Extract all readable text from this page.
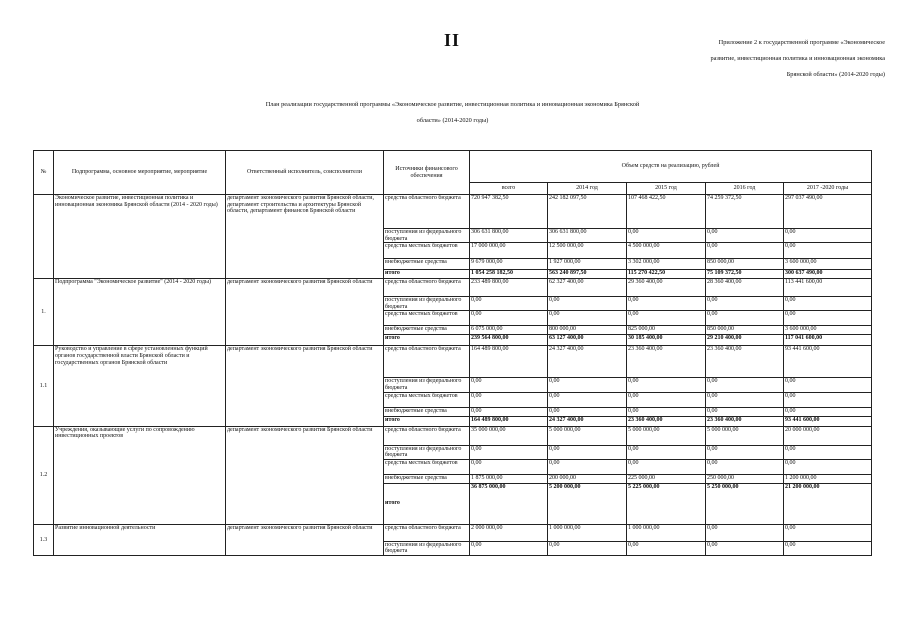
II	Приложение 2 к государственной программе «Экономическое
развитие, инвестиционная политика и инновационная экономика
Брянской области» (2014-2020 годы)
План реализации государственной программы «Экономическое развитие, инвестиционная политика и инновационная экономика Брянской
области» (2014-2020 годы)
№	Подпрограмма, основное мероприятие, мероприятие	Ответственный исполнитель, соисполнители	Источники финансового обеспечения	Объем средств на реализацию, рублей				
				всего	2014 год	2015 год	2016 год	2017 -2020 годы
	Экономическое развитие, инвестиционная политика и инновационная экономика Брянской области (2014 - 2020 годы)	департамент экономического развития Брянской области, департамент строительства и архитектуры Брянской области, департамент финансов Брянской области	средства областного бюджета	720 947 382,50	242 182 097,50	107 468 422,50	74 259 372,50	297 037 490,00
			поступления из федерального бюджета	306 631 800,00	306 631 800,00	0,00	0,00	0,00
			средства местных бюджетов	17 000 000,00	12 500 000,00	4 500 000,00	0,00	0,00
			внебюджетные средства	9 679 000,00	1 927 000,00	3 302 000,00	850 000,00	3 600 000,00
			итого	1 054 258 182,50	563 240 897,50	115 270 422,50	75 109 372,50	300 637 490,00
1.	Подпрограмма "Экономическое развитие" (2014 - 2020 годы)	департамент экономического развития Брянской области	средства областного бюджета	233 489 800,00	62 327 400,00	29 360 400,00	28 360 400,00	113 441 600,00
			поступления из федерального бюджета	0,00	0,00	0,00	0,00	0,00
			средства местных бюджетов	0,00	0,00	0,00	0,00	0,00
			внебюджетные средства	6 075 000,00	800 000,00	825 000,00	850 000,00	3 600 000,00
			итого	239 564 800,00	63 127 400,00	30 185 400,00	29 210 400,00	117 041 600,00
1.1	Руководство и управление в сфере установленных функций органов государственной власти Брянской области и государственных органов Брянской области	департамент экономического развития Брянской области	средства областного бюджета	164 489 800,00	24 327 400,00	23 360 400,00	23 360 400,00	93 441 600,00
			поступления из федерального бюджета	0,00	0,00	0,00	0,00	0,00
			средства местных бюджетов	0,00	0,00	0,00	0,00	0,00
			внебюджетные средства	0,00	0,00	0,00	0,00	0,00
			итого	164 489 800,00	24 327 400,00	23 360 400,00	23 360 400,00	93 441 600,00
1.2	Учреждения, оказывающие услуги по сопровождению инвестиционных проектов	департамент экономического развития Брянской области	средства областного бюджета	35 000 000,00	5 000 000,00	5 000 000,00	5 000 000,00	20 000 000,00
			поступления из федерального бюджета	0,00	0,00	0,00	0,00	0,00
			средства местных бюджетов	0,00	0,00	0,00	0,00	0,00
			внебюджетные средства	1 875 000,00	200 000,00	225 000,00	250 000,00	1 200 000,00
			итого	36 875 000,00	5 200 000,00	5 225 000,00	5 250 000,00	21 200 000,00
1.3	Развитие инновационной деятельности	департамент экономического развития Брянской области	средства областного бюджета	2 000 000,00	1 000 000,00	1 000 000,00	0,00	0,00
			поступления из федерального бюджета	0,00	0,00	0,00	0,00	0,00
